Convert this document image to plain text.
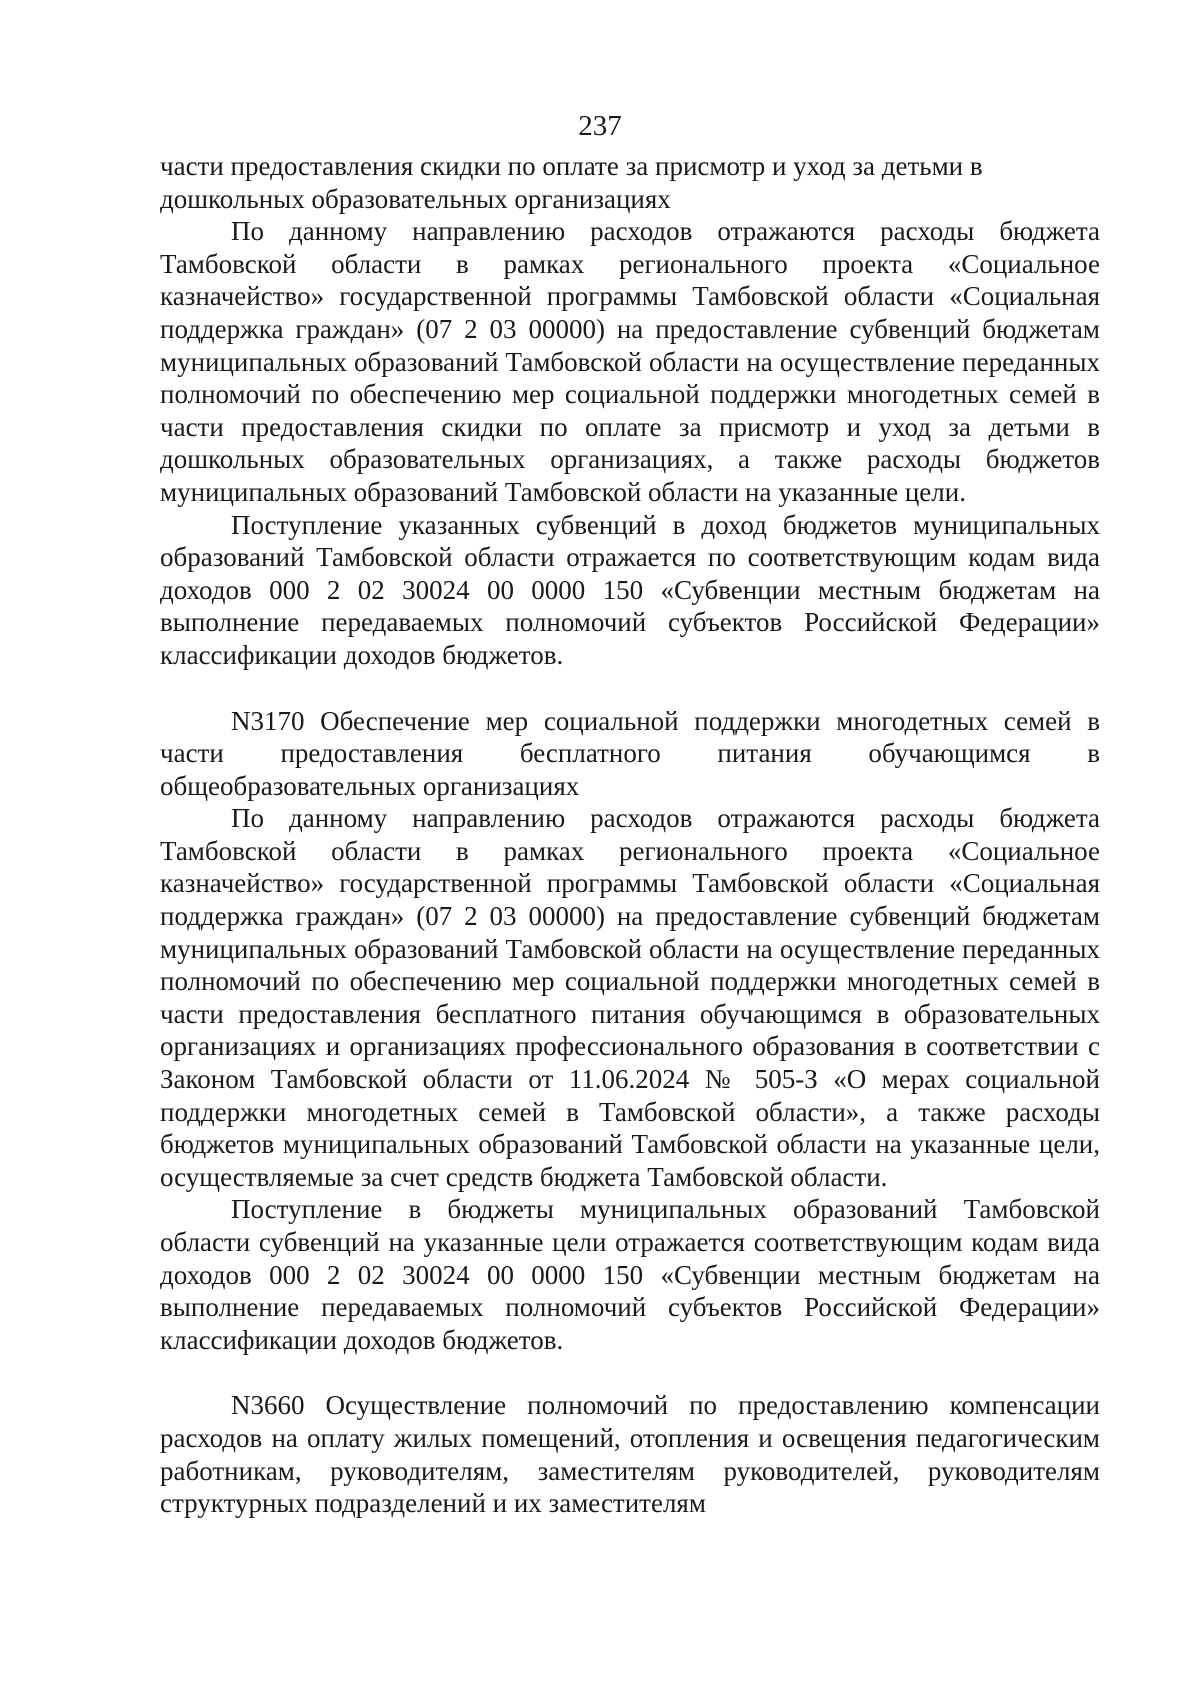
237

части предоставления скидки по оплате за присмотр и уход за детьми в дошкольных образовательных организациях

По данному направлению расходов отражаются расходы бюджета Тамбовской области в рамках регионального проекта «Социальное казначейство» государственной программы Тамбовской области «Социальная поддержка граждан» (07 2 03 00000) на предоставление субвенций бюджетам муниципальных образований Тамбовской области на осуществление переданных полномочий по обеспечению мер социальной поддержки многодетных семей в части предоставления скидки по оплате за присмотр и уход за детьми в дошкольных образовательных организациях, а также расходы бюджетов муниципальных образований Тамбовской области на указанные цели.

Поступление указанных субвенций в доход бюджетов муниципальных образований Тамбовской области отражается по соответствующим кодам вида доходов 000 2 02 30024 00 0000 150 «Субвенции местным бюджетам на выполнение передаваемых полномочий субъектов Российской Федерации» классификации доходов бюджетов.

N3170 Обеспечение мер социальной поддержки многодетных семей в части предоставления бесплатного питания обучающимся в общеобразовательных организациях

По данному направлению расходов отражаются расходы бюджета Тамбовской области в рамках регионального проекта «Социальное казначейство» государственной программы Тамбовской области «Социальная поддержка граждан» (07 2 03 00000) на предоставление субвенций бюджетам муниципальных образований Тамбовской области на осуществление переданных полномочий по обеспечению мер социальной поддержки многодетных семей в части предоставления бесплатного питания обучающимся в образовательных организациях и организациях профессионального образования в соответствии с Законом Тамбовской области от 11.06.2024 № 505-З «О мерах социальной поддержки многодетных семей в Тамбовской области», а также расходы бюджетов муниципальных образований Тамбовской области на указанные цели, осуществляемые за счет средств бюджета Тамбовской области.

Поступление в бюджеты муниципальных образований Тамбовской области субвенций на указанные цели отражается соответствующим кодам вида доходов 000 2 02 30024 00 0000 150 «Субвенции местным бюджетам на выполнение передаваемых полномочий субъектов Российской Федерации» классификации доходов бюджетов.

N3660 Осуществление полномочий по предоставлению компенсации расходов на оплату жилых помещений, отопления и освещения педагогическим работникам, руководителям, заместителям руководителей, руководителям структурных подразделений и их заместителям
